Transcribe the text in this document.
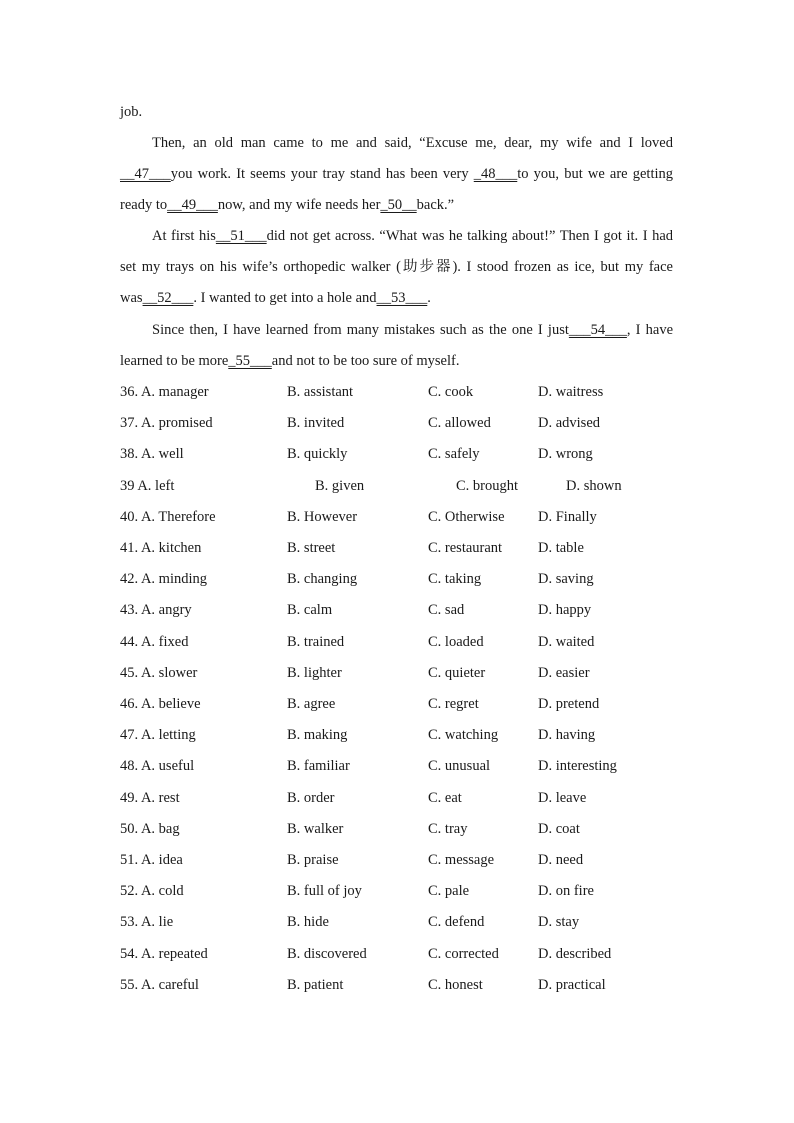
job.

Then, an old man came to me and said, “Excuse me, dear, my wife and I loved __47___you work. It seems your tray stand has been very _48___to you, but we are getting ready to__49___now, and my wife needs her_50__back.”

At first his__51___did not get across. “What was he talking about!” Then I got it. I had set my trays on his wife’s orthopedic walker (助步器). I stood frozen as ice, but my face was__52___. I wanted to get into a hole and__53___.

Since then, I have learned from many mistakes such as the one I just___54___, I have learned to be more_55___and not to be too sure of myself.

36. A. manager	B. assistant	C. cook	D. waitress
37. A. promised	B. invited	C. allowed	D. advised
38. A. well	B. quickly	C. safely	D. wrong
39 A. left	B. given	C. brought	D. shown
40. A. Therefore	B. However	C. Otherwise D. Finally
41. A. kitchen	B. street	C. restaurant D. table
42. A. minding	B. changing	C. taking	D. saving
43. A. angry	B. calm	C. sad	D. happy
44. A. fixed	B. trained	C. loaded	D. waited
45. A. slower	B. lighter	C. quieter	D. easier
46. A. believe	B. agree	C. regret	D. pretend
47. A. letting	B. making	C. watching	D. having
48. A. useful	B. familiar	C. unusual	D. interesting
49. A. rest	B. order	C. eat	D. leave
50. A. bag	B. walker	C. tray	D. coat
51. A. idea	B. praise	C. message	D. need
52. A. cold	B. full of joy	C. pale	D. on fire
53. A. lie	B. hide	C. defend	D. stay
54. A. repeated	B. discovered	C. corrected	D. described
55. A. careful	B. patient	C. honest	D. practical
